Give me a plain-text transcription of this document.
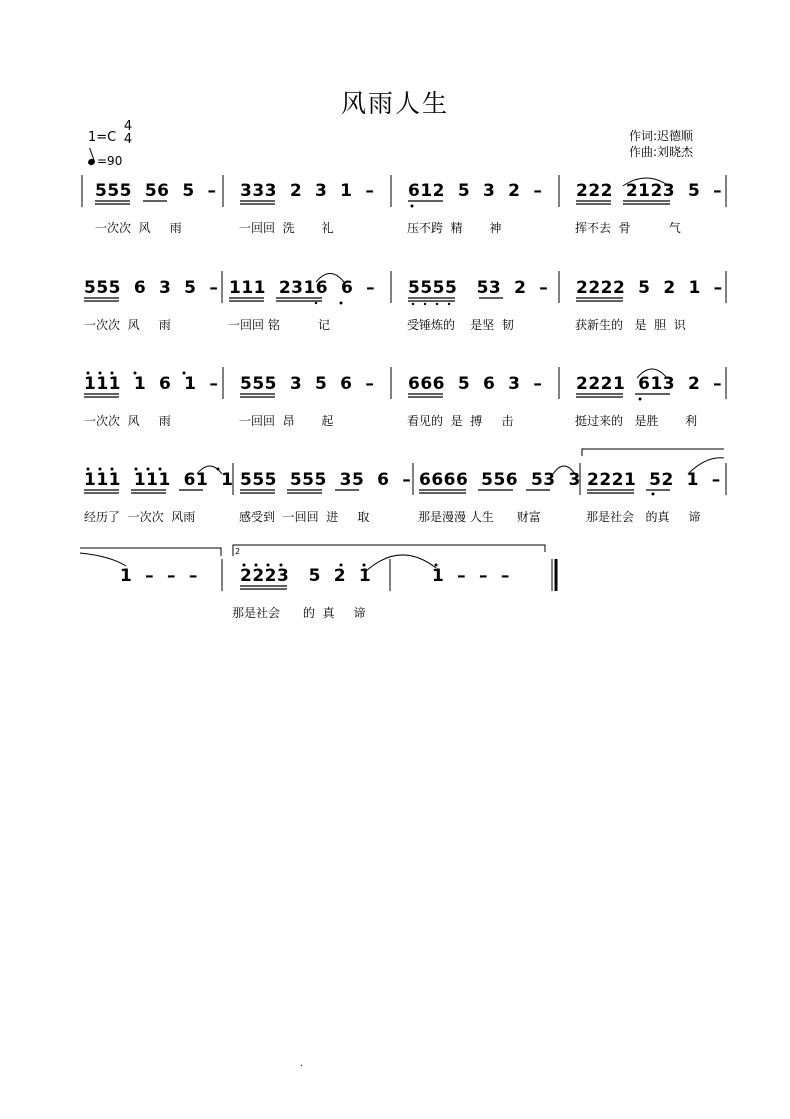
风雨人生
1=C
4
4
=90
作词:迟德顺
作曲:刘晓杰
555  56  5  – 333  2  3  1  – 612  5  3  2  – 222  2123  5  –
一次次  风     雨	一回回  洗       礼	压不跨  精       神	挥不去  骨          气
555  6  3  5  – 111  2316  6  – 5555   53  2  – 2222  5  2  1  –
一次次  风     雨	一回回 铭          记	受锤炼的    是坚  韧	获新生的   是  胆  识
111  1  6  1  – 555  3  5  6  – 666  5  6  3  – 2221  613  2  –
一次次  风     雨	一回回  昂       起	看见的  是  搏     击	挺过来的   是胜       利
111  111  61  1 555  555  35  6  – 6666  556  53  3 2221  52  1  –
经历了  一次次  风雨	感受到  一回回  进     取	那是漫漫 人生      财富	那是社会   的真     谛
1  –  –  – 2223   5  2  1	1  –  –  –
那是社会      的  真     谛
.
2
